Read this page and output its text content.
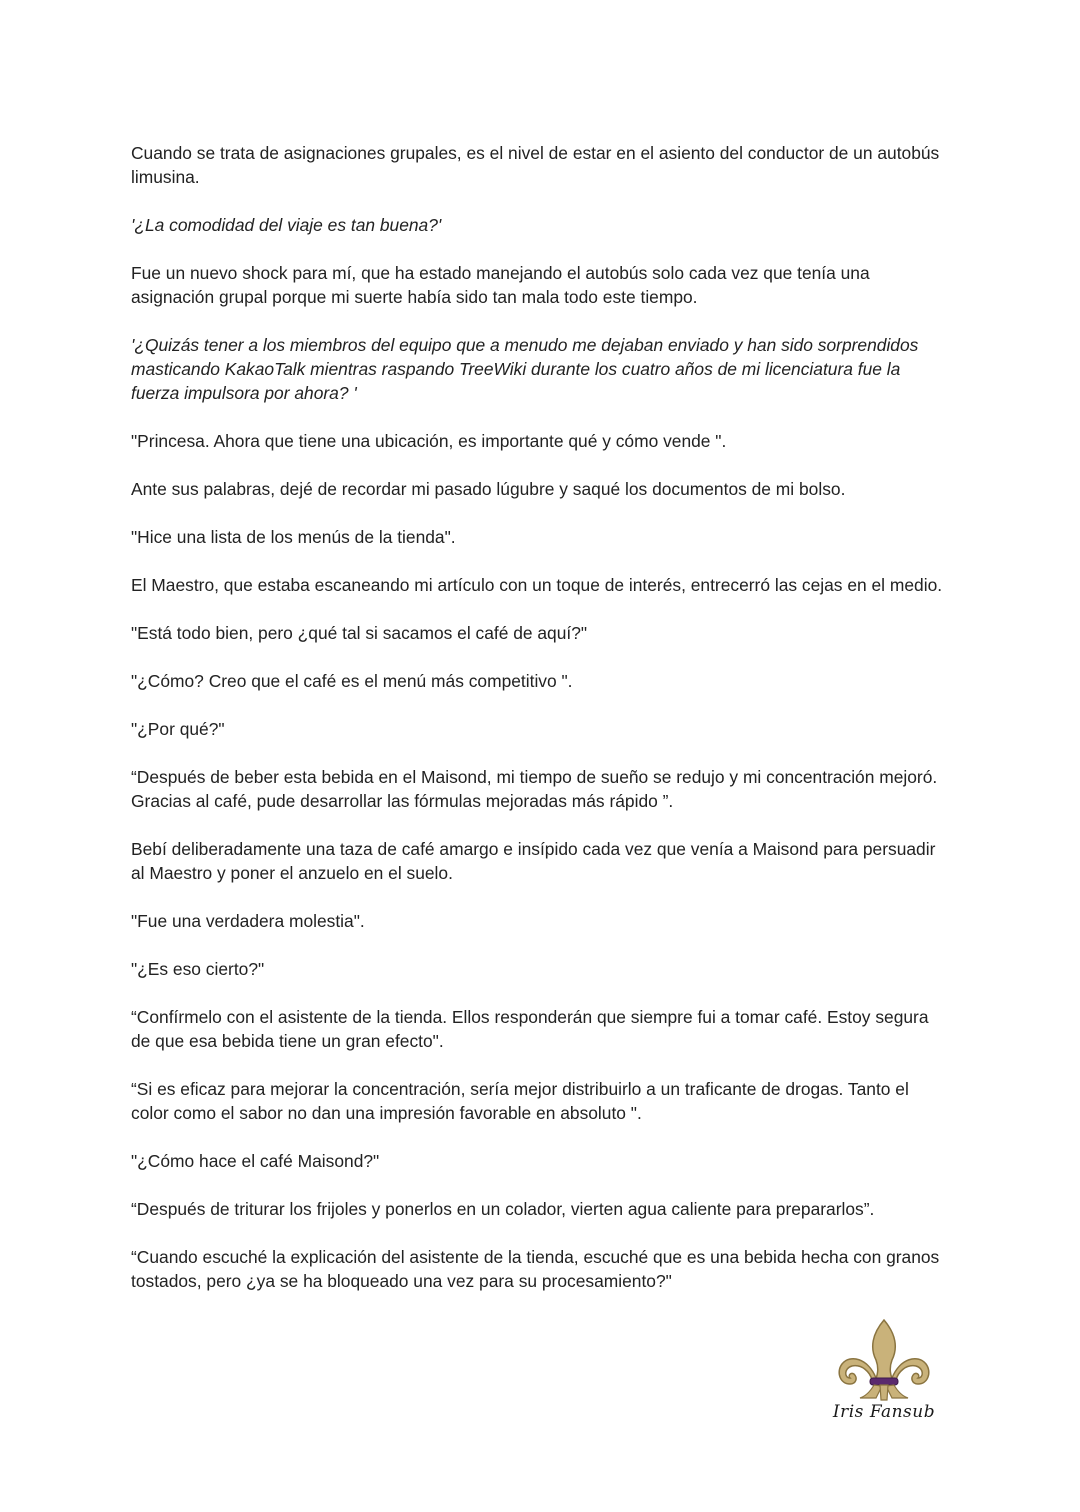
Cuando se trata de asignaciones grupales, es el nivel de estar en el asiento del conductor de un autobús limusina.

'¿La comodidad del viaje es tan buena?'

Fue un nuevo shock para mí, que ha estado manejando el autobús solo cada vez que tenía una asignación grupal porque mi suerte había sido tan mala todo este tiempo.

'¿Quizás tener a los miembros del equipo que a menudo me dejaban enviado y han sido sorprendidos masticando KakaoTalk mientras raspando TreeWiki durante los cuatro años de mi licenciatura fue la fuerza impulsora por ahora? '

"Princesa. Ahora que tiene una ubicación, es importante qué y cómo vende ".

Ante sus palabras, dejé de recordar mi pasado lúgubre y saqué los documentos de mi bolso.

"Hice una lista de los menús de la tienda".

El Maestro, que estaba escaneando mi artículo con un toque de interés, entrecerró las cejas en el medio.

"Está todo bien, pero ¿qué tal si sacamos el café de aquí?"

"¿Cómo? Creo que el café es el menú más competitivo ".

"¿Por qué?"

“Después de beber esta bebida en el Maisond, mi tiempo de sueño se redujo y mi concentración mejoró. Gracias al café, pude desarrollar las fórmulas mejoradas más rápido ”.

Bebí deliberadamente una taza de café amargo e insípido cada vez que venía a Maisond para persuadir al Maestro y poner el anzuelo en el suelo.

"Fue una verdadera molestia".

"¿Es eso cierto?"

“Confírmelo con el asistente de la tienda. Ellos responderán que siempre fui a tomar café. Estoy segura de que esa bebida tiene un gran efecto".

“Si es eficaz para mejorar la concentración, sería mejor distribuirlo a un traficante de drogas. Tanto el color como el sabor no dan una impresión favorable en absoluto ".

"¿Cómo hace el café Maisond?"

“Después de triturar los frijoles y ponerlos en un colador, vierten agua caliente para prepararlos”.

“Cuando escuché la explicación del asistente de la tienda, escuché que es una bebida hecha con granos tostados, pero ¿ya se ha bloqueado una vez para su procesamiento?"

Iris Fansub
